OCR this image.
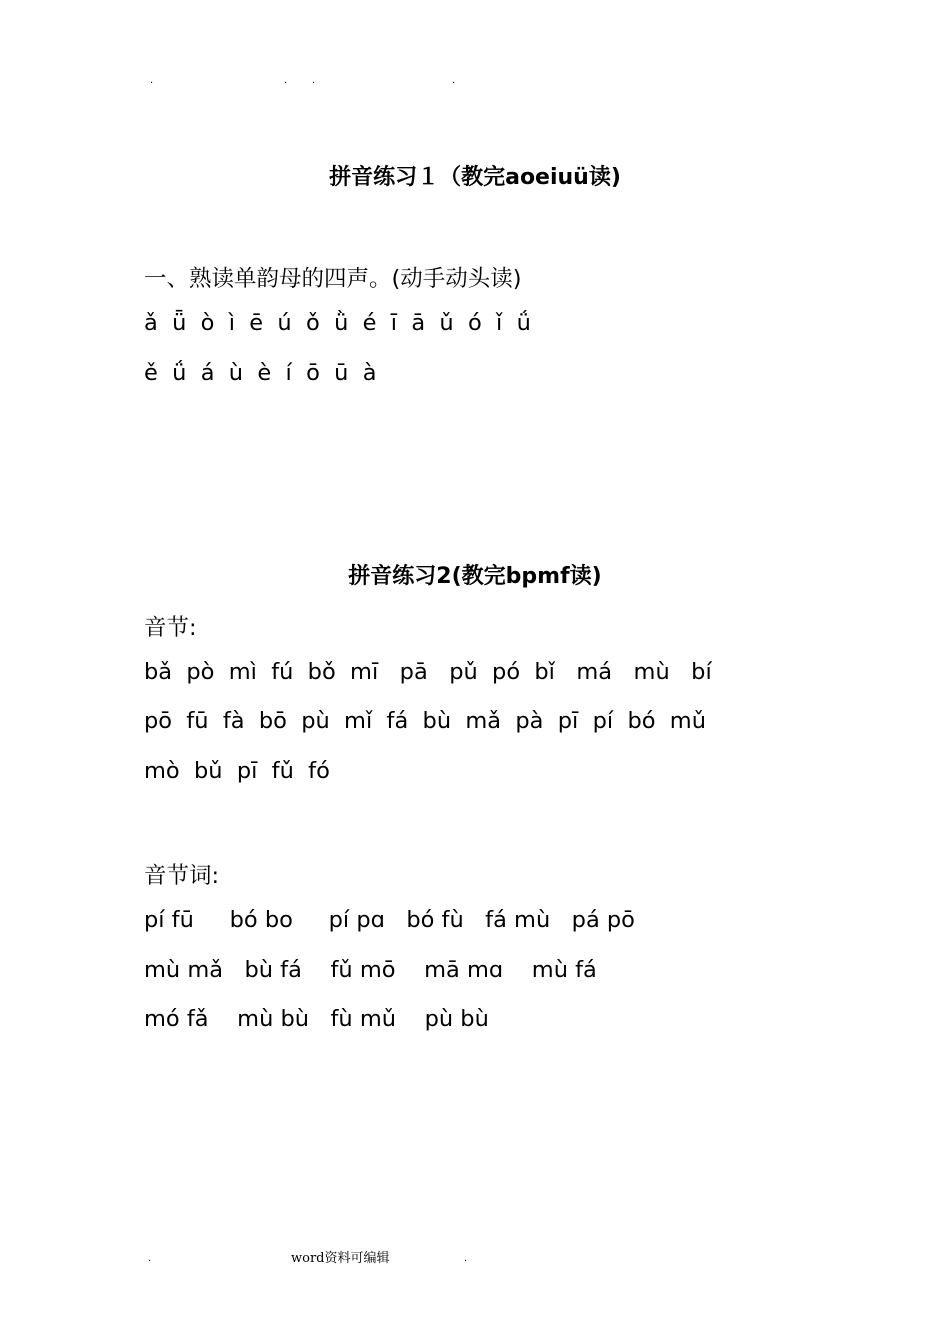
.	. .	.
拼音练习１（教完aoeiuü读)
一、熟读单韵母的四声。(动手动头读)
ǎ  ǖ  ò  ì  ē  ú  ǒ  ǜ  é  ī  ā  ǔ  ó  ǐ  ǘ
ě  ǘ  á  ù  è  í  ō  ū  à
拼音练习2(教完bpmf读)
音节:
bǎ  pò  mì  fú  bǒ  mī   pā   pǔ  pó  bǐ   má   mù   bí
pō  fū  fà  bō  pù  mǐ  fá  bù  mǎ  pà  pī  pí  bó  mǔ
mò  bǔ  pī  fǔ  fó
音节词:
pí fū     bó bo     pí pɑ   bó fù   fá mù   pá pō
mù mǎ   bù fá    fǔ mō    mā mɑ    mù fá
mó fǎ    mù bù   fù mǔ    pù bù
.	word资料可编辑	.
